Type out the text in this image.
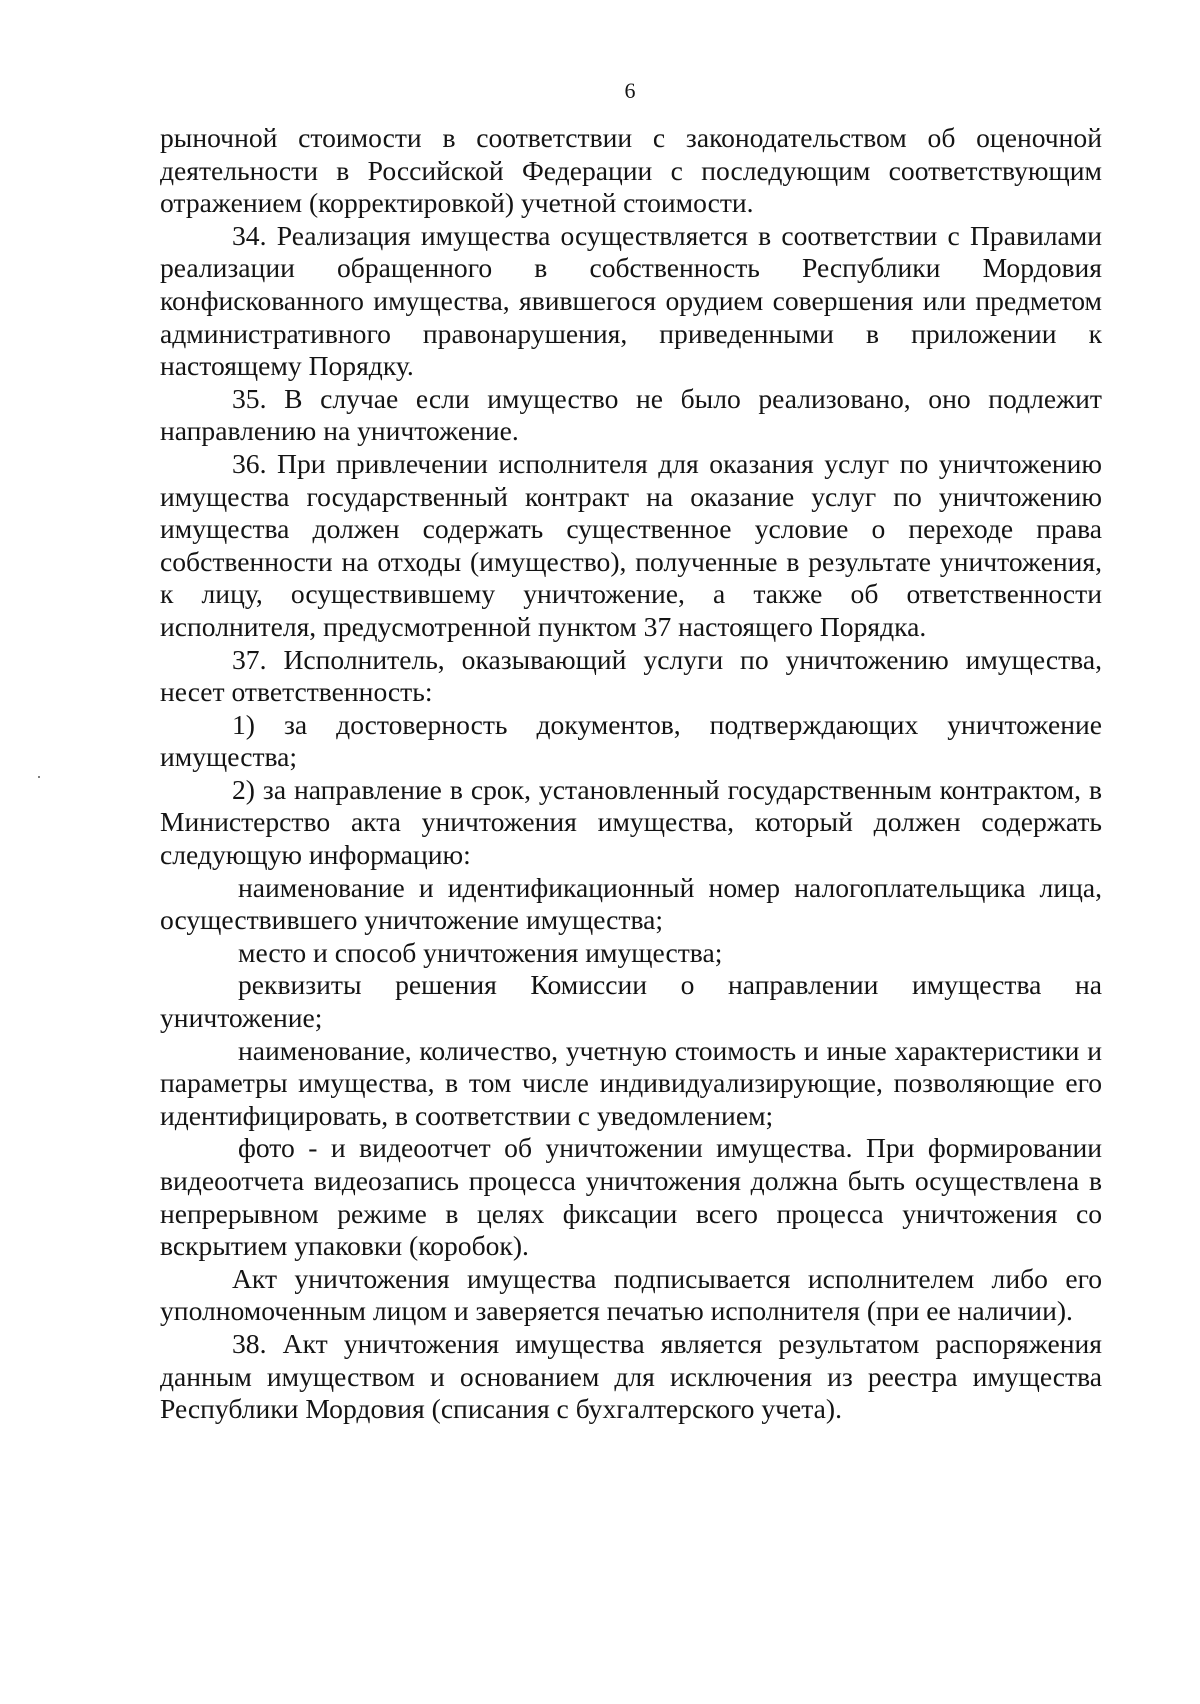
6

рыночной стоимости в соответствии с законодательством об оценочной деятельности в Российской Федерации с последующим соответствующим отражением (корректировкой) учетной стоимости.

34. Реализация имущества осуществляется в соответствии с Правилами реализации обращенного в собственность Республики Мордовия конфискованного имущества, явившегося орудием совершения или предметом административного правонарушения, приведенными в приложении к настоящему Порядку.

35. В случае если имущество не было реализовано, оно подлежит направлению на уничтожение.

36. При привлечении исполнителя для оказания услуг по уничтожению имущества государственный контракт на оказание услуг по уничтожению имущества должен содержать существенное условие о переходе права собственности на отходы (имущество), полученные в результате уничтожения, к лицу, осуществившему уничтожение, а также об ответственности исполнителя, предусмотренной пунктом 37 настоящего Порядка.

37. Исполнитель, оказывающий услуги по уничтожению имущества, несет ответственность:

1) за достоверность документов, подтверждающих уничтожение имущества;

2) за направление в срок, установленный государственным контрактом, в Министерство акта уничтожения имущества, который должен содержать следующую информацию:

наименование и идентификационный номер налогоплательщика лица, осуществившего уничтожение имущества;

место и способ уничтожения имущества;

реквизиты решения Комиссии о направлении имущества на уничтожение;

наименование, количество, учетную стоимость и иные характеристики и параметры имущества, в том числе индивидуализирующие, позволяющие его идентифицировать, в соответствии с уведомлением;

фото - и видеоотчет об уничтожении имущества. При формировании видеоотчета видеозапись процесса уничтожения должна быть осуществлена в непрерывном режиме в целях фиксации всего процесса уничтожения со вскрытием упаковки (коробок).

Акт уничтожения имущества подписывается исполнителем либо его уполномоченным лицом и заверяется печатью исполнителя (при ее наличии).

38. Акт уничтожения имущества является результатом распоряжения данным имуществом и основанием для исключения из реестра имущества Республики Мордовия (списания с бухгалтерского учета).
